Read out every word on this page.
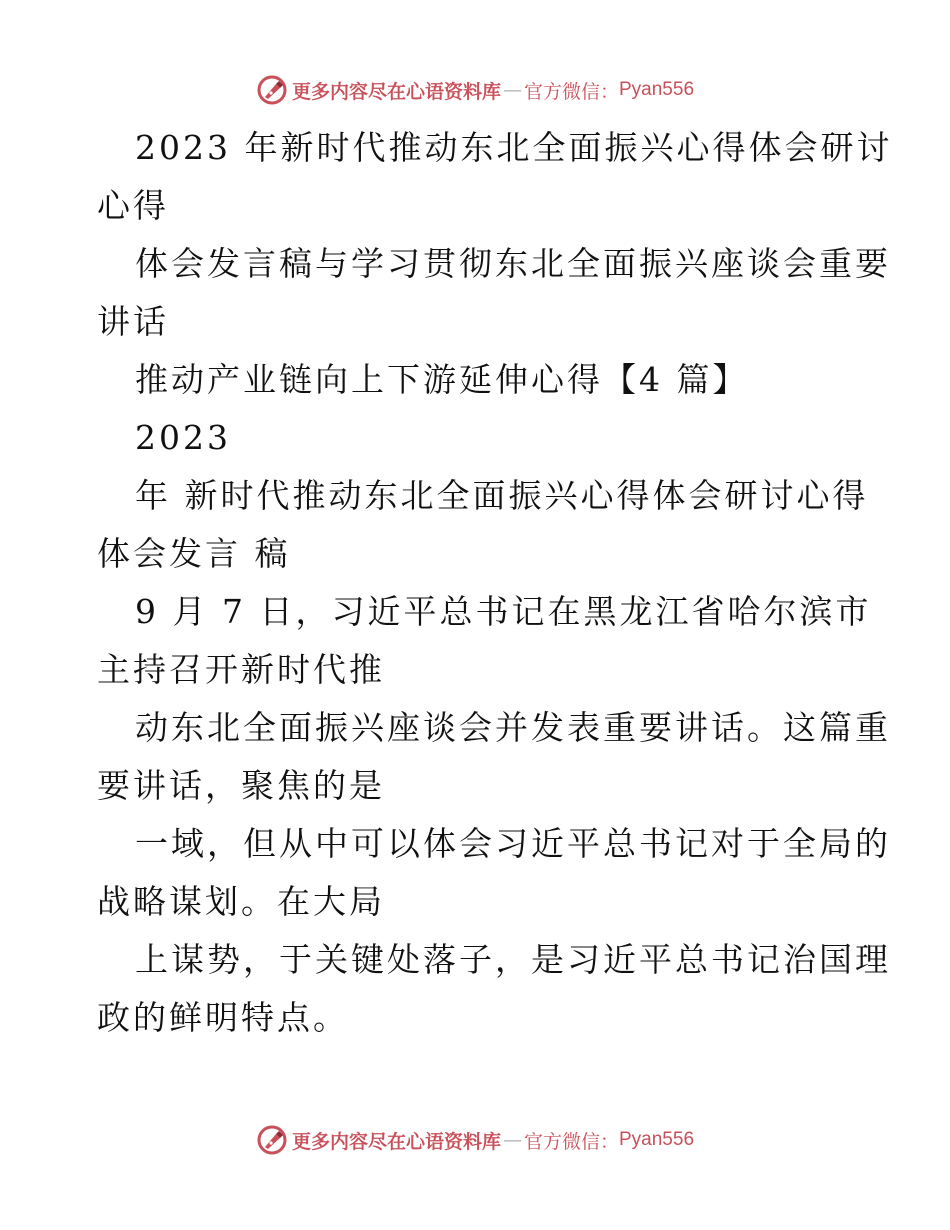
更多内容尽在心语资料库 — 官方微信： Pyan556
2023 年新时代推动东北全面振兴心得体会研讨
心得
体会发言稿与学习贯彻东北全面振兴座谈会重要
讲话
推动产业链向上下游延伸心得【4 篇】
2023
年 新时代推动东北全面振兴心得体会研讨心得
体会发言 稿
9 月 7 日，习近平总书记在黑龙江省哈尔滨市
主持召开新时代推
动东北全面振兴座谈会并发表重要讲话。这篇重
要讲话，聚焦的是
一域，但从中可以体会习近平总书记对于全局的
战略谋划。在大局
上谋势，于关键处落子，是习近平总书记治国理
政的鲜明特点。
更多内容尽在心语资料库 — 官方微信： Pyan556
